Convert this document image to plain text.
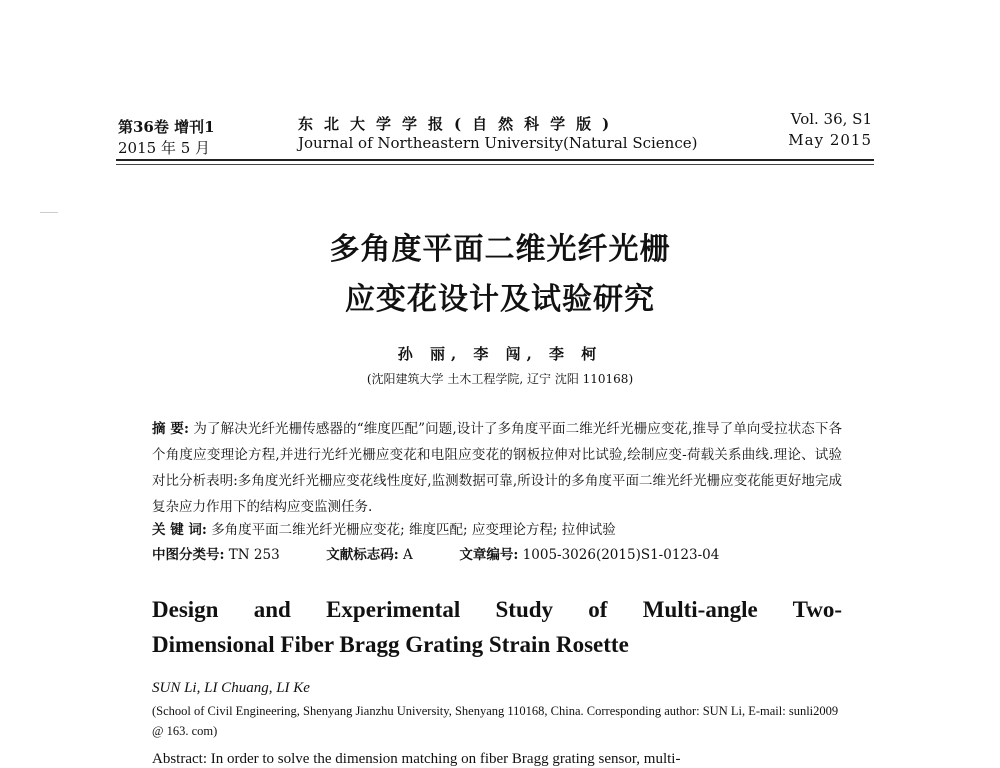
第36卷 增刊1
2015 年 5 月
东北大学学报(自然科学版)
Journal of Northeastern University(Natural Science)
Vol. 36, S1
May 2015
多角度平面二维光纤光栅
应变花设计及试验研究
孙 丽, 李 闯, 李 柯
(沈阳建筑大学 土木工程学院, 辽宁 沈阳 110168)
摘 要: 为了解决光纤光栅传感器的“维度匹配”问题,设计了多角度平面二维光纤光栅应变花,推导了单向受拉状态下各个角度应变理论方程,并进行光纤光栅应变花和电阻应变花的钢板拉伸对比试验,绘制应变-荷载关系曲线.理论、试验对比分析表明:多角度光纤光栅应变花线性度好,监测数据可靠,所设计的多角度平面二维光纤光栅应变花能更好地完成复杂应力作用下的结构应变监测任务.
关 键 词: 多角度平面二维光纤光栅应变花; 维度匹配; 应变理论方程; 拉伸试验
中图分类号: TN 253	文献标志码: A	文章编号: 1005-3026(2015)S1-0123-04
Design and Experimental Study of Multi-angle Two-
Dimensional Fiber Bragg Grating Strain Rosette
SUN Li, LI Chuang, LI Ke
(School of Civil Engineering, Shenyang Jianzhu University, Shenyang 110168, China. Corresponding author: SUN Li, E-mail: sunli2009 @ 163. com)
Abstract: In order to solve the dimension matching on fiber Bragg grating sensor, multi-
